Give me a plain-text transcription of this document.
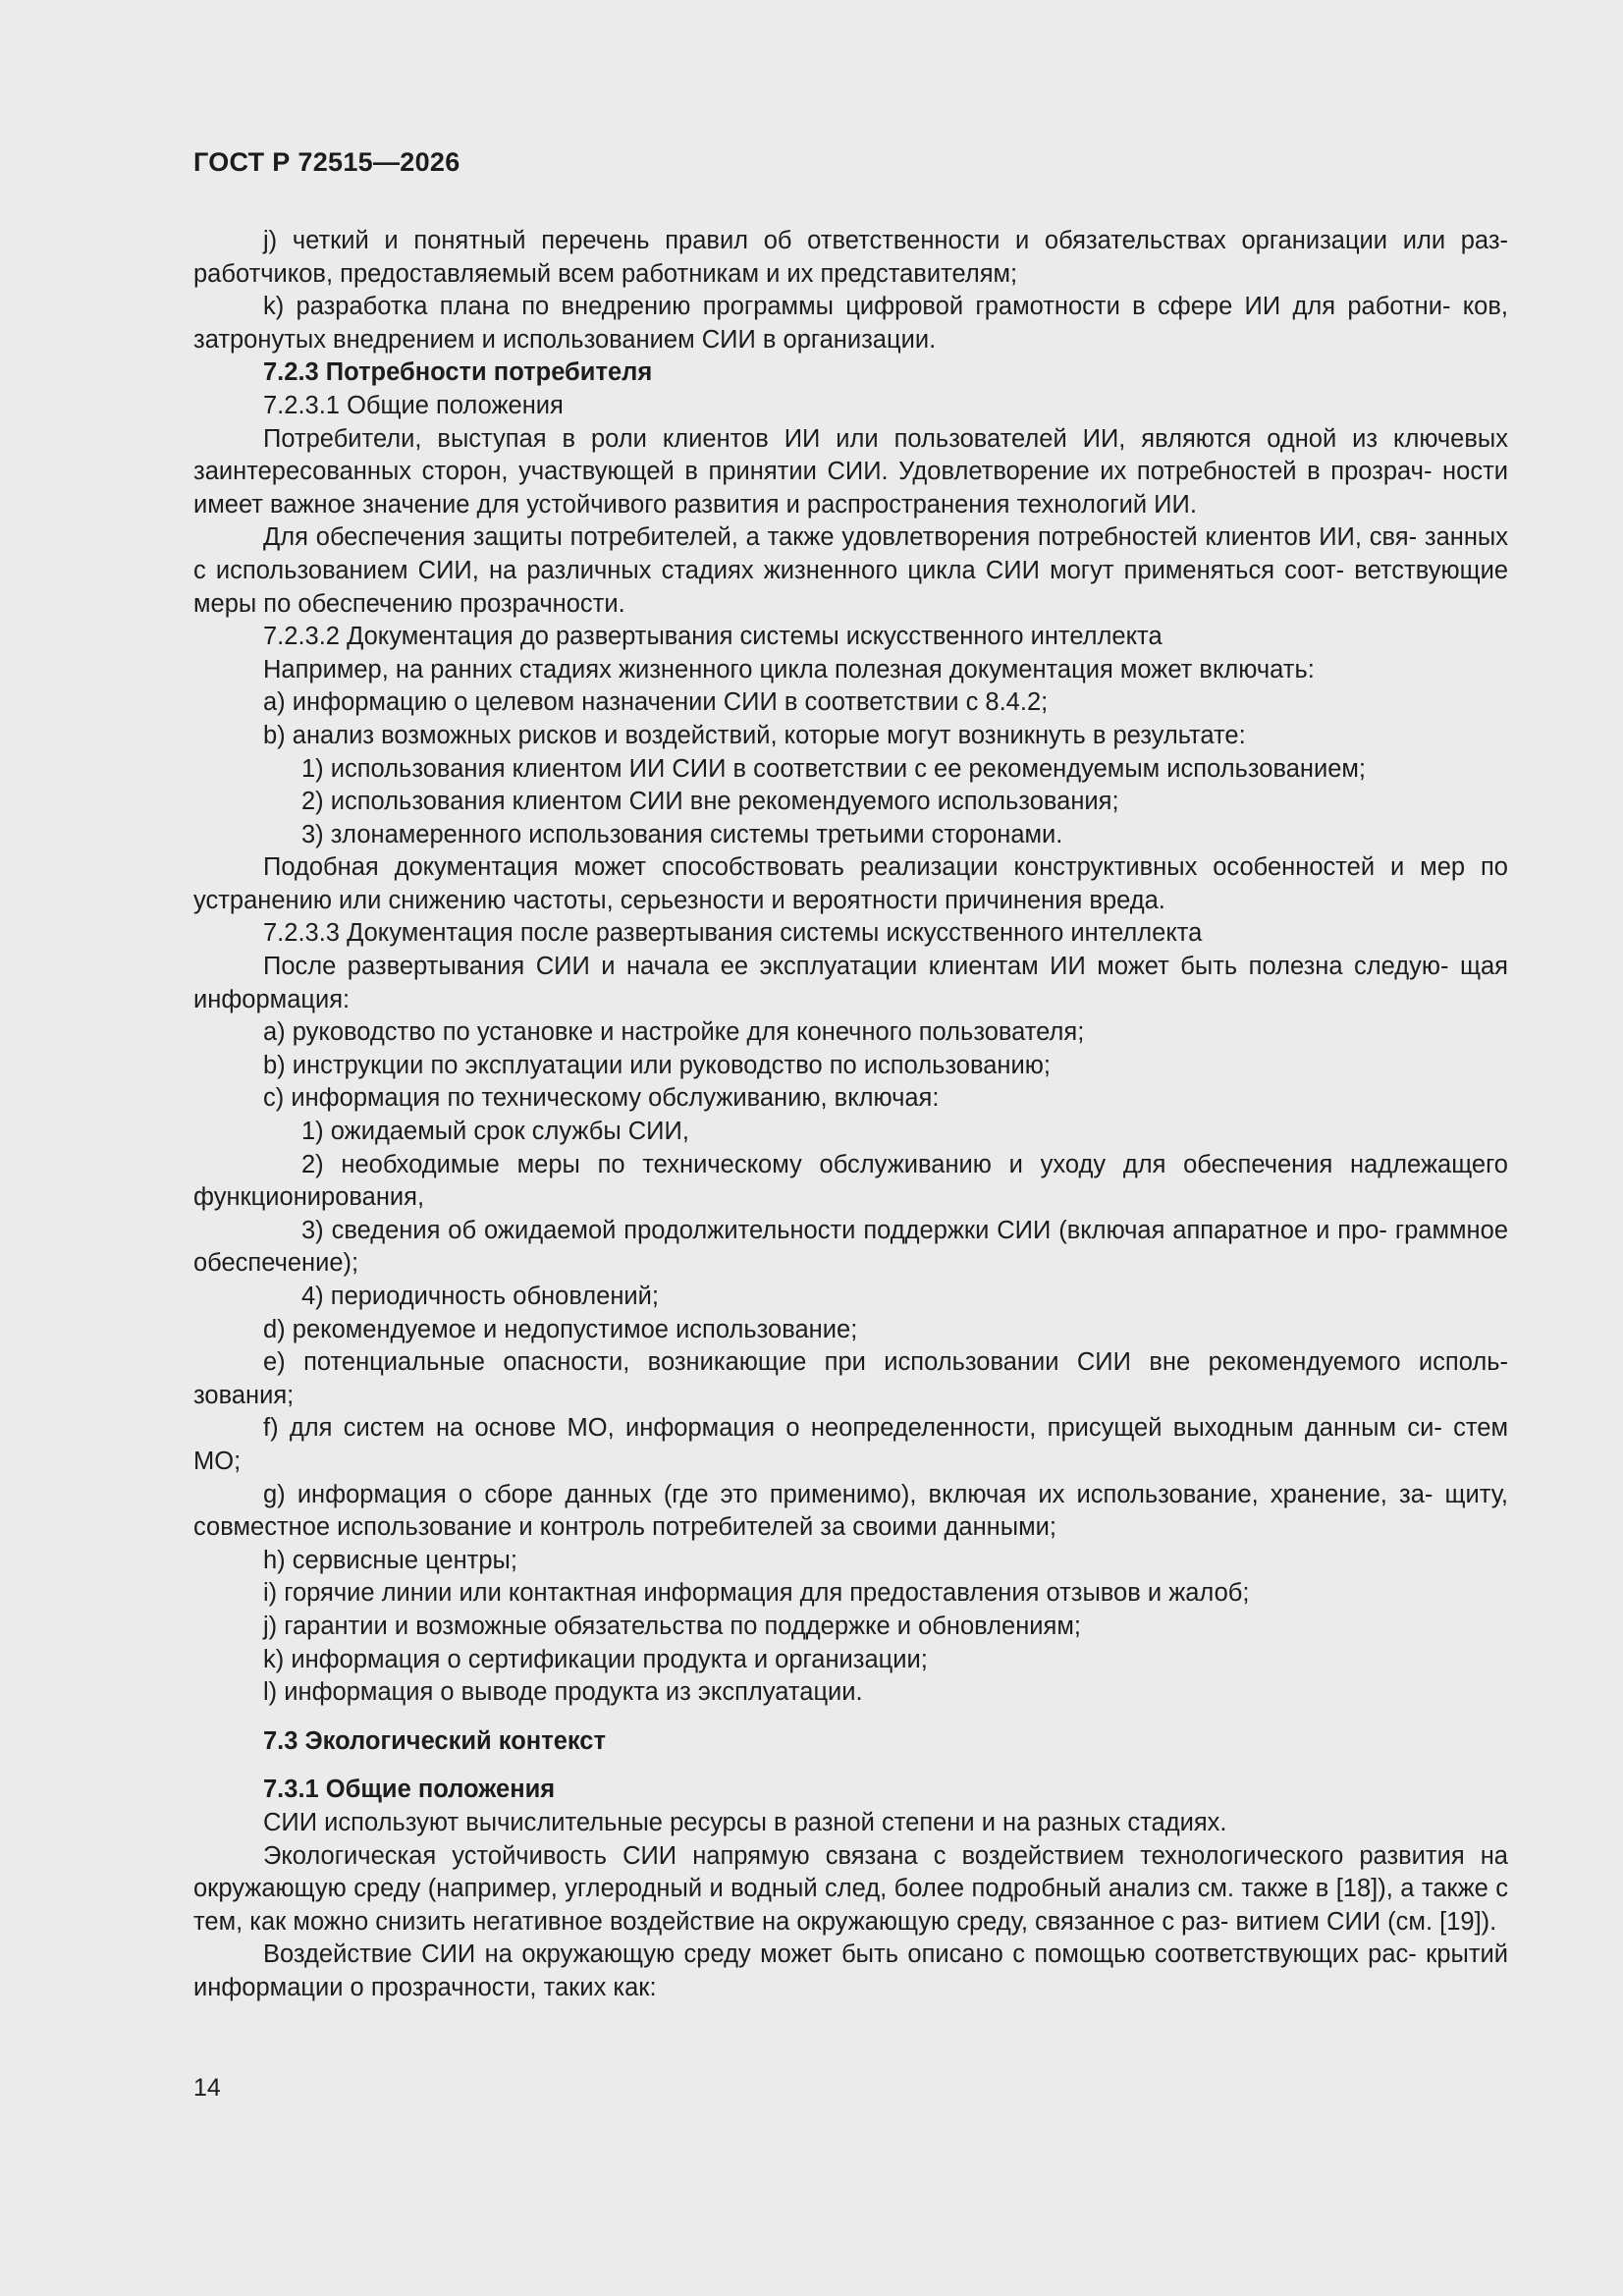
ГОСТ Р 72515—2026

j) четкий и понятный перечень правил об ответственности и обязательствах организации или раз- работчиков, предоставляемый всем работникам и их представителям;

k) разработка плана по внедрению программы цифровой грамотности в сфере ИИ для работни- ков, затронутых внедрением и использованием СИИ в организации.

7.2.3 Потребности потребителя

7.2.3.1 Общие положения

Потребители, выступая в роли клиентов ИИ или пользователей ИИ, являются одной из ключевых заинтересованных сторон, участвующей в принятии СИИ. Удовлетворение их потребностей в прозрач- ности имеет важное значение для устойчивого развития и распространения технологий ИИ.

Для обеспечения защиты потребителей, а также удовлетворения потребностей клиентов ИИ, свя- занных с использованием СИИ, на различных стадиях жизненного цикла СИИ могут применяться соот- ветствующие меры по обеспечению прозрачности.

7.2.3.2 Документация до развертывания системы искусственного интеллекта

Например, на ранних стадиях жизненного цикла полезная документация может включать:

a) информацию о целевом назначении СИИ в соответствии с 8.4.2;

b) анализ возможных рисков и воздействий, которые могут возникнуть в результате:

1) использования клиентом ИИ СИИ в соответствии с ее рекомендуемым использованием;

2) использования клиентом СИИ вне рекомендуемого использования;

3) злонамеренного использования системы третьими сторонами.

Подобная документация может способствовать реализации конструктивных особенностей и мер по устранению или снижению частоты, серьезности и вероятности причинения вреда.

7.2.3.3 Документация после развертывания системы искусственного интеллекта

После развертывания СИИ и начала ее эксплуатации клиентам ИИ может быть полезна следую- щая информация:

a) руководство по установке и настройке для конечного пользователя;

b) инструкции по эксплуатации или руководство по использованию;

c) информация по техническому обслуживанию, включая:

1) ожидаемый срок службы СИИ,

2) необходимые меры по техническому обслуживанию и уходу для обеспечения надлежащего функционирования,

3) сведения об ожидаемой продолжительности поддержки СИИ (включая аппаратное и про- граммное обеспечение);

4) периодичность обновлений;

d) рекомендуемое и недопустимое использование;

e) потенциальные опасности, возникающие при использовании СИИ вне рекомендуемого исполь- зования;

f) для систем на основе МО, информация о неопределенности, присущей выходным данным си- стем МО;

g) информация о сборе данных (где это применимо), включая их использование, хранение, за- щиту, совместное использование и контроль потребителей за своими данными;

h) сервисные центры;

i) горячие линии или контактная информация для предоставления отзывов и жалоб;

j) гарантии и возможные обязательства по поддержке и обновлениям;

k) информация о сертификации продукта и организации;

l) информация о выводе продукта из эксплуатации.

7.3 Экологический контекст

7.3.1 Общие положения

СИИ используют вычислительные ресурсы в разной степени и на разных стадиях.

Экологическая устойчивость СИИ напрямую связана с воздействием технологического развития на окружающую среду (например, углеродный и водный след, более подробный анализ см. также в [18]), а также с тем, как можно снизить негативное воздействие на окружающую среду, связанное с раз- витием СИИ (см. [19]).

Воздействие СИИ на окружающую среду может быть описано с помощью соответствующих рас- крытий информации о прозрачности, таких как:

14
